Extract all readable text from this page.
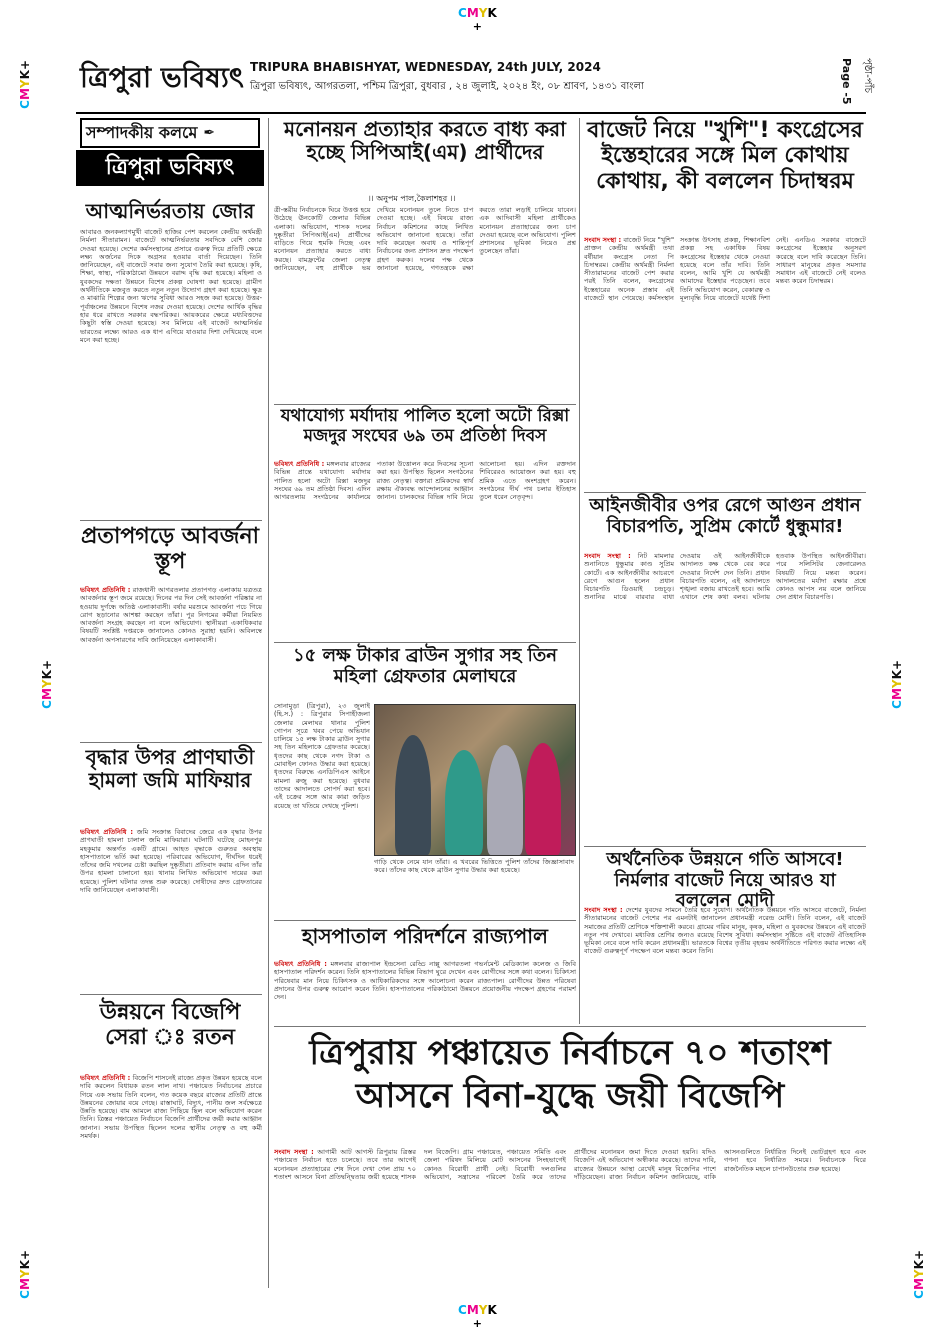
CMYK
+
CMYK
+
CMYK+
CMYK+
CMYK+
CMYK+
CMYK+
ত্রিপুরা ভবিষ্যৎ TRIPURA BHABISHYAT, WEDNESDAY, 24th JULY, 2024
ত্রিপুরা ভবিষ্যৎ, আগরতলা, পশ্চিম ত্রিপুরা, বুধবার , ২৪ জুলাই, ২০২৪ ইং, ০৮ শ্রাবণ, ১৪৩১ বাংলা	Page -5 পৃষ্ঠা-পাঁচ
সম্পাদকীয় কলমে ✒
ত্রিপুরা ভবিষ্যৎ
আত্মনির্ভরতায় জোর
আবারও জনকল্যাণমুখী বাজেট হাজির পেশ করলেন কেন্দ্রীয় অর্থমন্ত্রী নির্মলা সীতারামন। বাজেটে আত্মনির্ভরতার সবদিকে বেশি জোর দেওয়া হয়েছে। দেশের কর্মসংস্থানের প্রসারে গুরুত্ব দিয়ে প্রতিটি ক্ষেত্রে লক্ষ্য অর্জনের দিকে অগ্রসর হওয়ার বার্তা দিয়েছেন। তিনি জানিয়েছেন, এই বাজেটে সবার জন্য সুযোগ তৈরি করা হয়েছে। কৃষি, শিক্ষা, স্বাস্থ্য, পরিকাঠামো উন্নয়নে বরাদ্দ বৃদ্ধি করা হয়েছে। মহিলা ও যুবকদের দক্ষতা উন্নয়নে বিশেষ প্রকল্প ঘোষণা করা হয়েছে। গ্রামীণ অর্থনীতিকে মজবুত করতে নতুন নতুন উদ্যোগ গ্রহণ করা হয়েছে। ক্ষুদ্র ও মাঝারি শিল্পের জন্য ঋণের সুবিধা আরও সহজ করা হয়েছে। উত্তর-পূর্বাঞ্চলের উন্নয়নে বিশেষ নজর দেওয়া হয়েছে। দেশের আর্থিক বৃদ্ধির হার ধরে রাখতে সরকার বদ্ধপরিকর। আয়করের ক্ষেত্রে মধ্যবিত্তদের কিছুটা স্বস্তি দেওয়া হয়েছে। সব মিলিয়ে এই বাজেট আত্মনির্ভর ভারতের লক্ষ্যে আরও এক ধাপ এগিয়ে যাওয়ার দিশা দেখিয়েছে বলে মনে করা হচ্ছে।
মনোনয়ন প্রত্যাহার করতে বাধ্য করা হচ্ছে সিপিআই(এম) প্রার্থীদের
।। অনুপম পাল,কৈলাশহর ।।
ত্রী-স্তরীয় নির্বাচনকে ঘিরে উত্তপ্ত হয়ে উঠেছে ঊনকোটি জেলার বিভিন্ন এলাকা। অভিযোগ, শাসক দলের দুষ্কৃতীরা সিপিআই(এম) প্রার্থীদের বাড়িতে গিয়ে হুমকি দিচ্ছে এবং মনোনয়ন প্রত্যাহার করতে বাধ্য করছে। বামফ্রন্টের জেলা নেতৃত্ব জানিয়েছেন, বহু প্রার্থীকে ভয় দেখিয়ে মনোনয়ন তুলে নিতে চাপ দেওয়া হচ্ছে। এই বিষয়ে রাজ্য নির্বাচন কমিশনের কাছে লিখিত অভিযোগ জানানো হয়েছে। তাঁরা দাবি করেছেন অবাধ ও শান্তিপূর্ণ নির্বাচনের জন্য প্রশাসন দ্রুত পদক্ষেপ গ্রহণ করুক। দলের পক্ষ থেকে জানানো হয়েছে, গণতন্ত্রকে রক্ষা করতে তারা লড়াই চালিয়ে যাবেন। এক আদিবাসী মহিলা প্রার্থীকেও মনোনয়ন প্রত্যাহারের জন্য চাপ দেওয়া হয়েছে বলে অভিযোগ। পুলিশ প্রশাসনের ভূমিকা নিয়েও প্রশ্ন তুলেছেন তাঁরা।
বাজেট নিয়ে "খুশি"! কংগ্রেসের ইস্তেহারের সঙ্গে মিল কোথায় কোথায়, কী বললেন চিদাম্বরম
সংবাদ সংস্থা : বাজেট নিয়ে "খুশি" প্রাক্তন কেন্দ্রীয় অর্থমন্ত্রী তথা বর্ষীয়ান কংগ্রেস নেতা পি চিদাম্বরম। কেন্দ্রীয় অর্থমন্ত্রী নির্মলা সীতারামনের বাজেট পেশ করার পরই তিনি বলেন, কংগ্রেসের ইস্তেহারের অনেক প্রস্তাব এই বাজেটে স্থান পেয়েছে। কর্মসংস্থান সংক্রান্ত উৎসাহ প্রকল্প, শিক্ষানবিশ প্রকল্প সহ একাধিক বিষয় কংগ্রেসের ইস্তেহার থেকে নেওয়া হয়েছে বলে তাঁর দাবি। তিনি বলেন, আমি খুশি যে অর্থমন্ত্রী আমাদের ইস্তেহার পড়েছেন। তবে তিনি অভিযোগ করেন, বেকারত্ব ও মূল্যবৃদ্ধি নিয়ে বাজেটে যথেষ্ট দিশা নেই। এনডিএ সরকার বাজেটে কংগ্রেসের ইস্তেহার অনুসরণ করেছে বলে দাবি করেছেন তিনি। সাধারণ মানুষের প্রকৃত সমস্যার সমাধান এই বাজেটে নেই বলেও মন্তব্য করেন চিদাম্বরম।
যথাযোগ্য মর্যাদায় পালিত হলো অটো রিক্সা মজদুর সংঘের ৬৯ তম প্রতিষ্ঠা দিবস
ভবিষ্যৎ প্রতিনিধি : মঙ্গলবার রাজ্যের বিভিন্ন প্রান্তে যথাযোগ্য মর্যাদায় পালিত হলো অটো রিক্সা মজদুর সংঘের ৬৯ তম প্রতিষ্ঠা দিবস। এদিন আগরতলায় সংগঠনের কার্যালয়ে পতাকা উত্তোলন করে দিবসের সূচনা করা হয়। উপস্থিত ছিলেন সংগঠনের রাজ্য নেতৃত্ব। বক্তারা শ্রমিকদের স্বার্থ রক্ষায় ঐক্যবদ্ধ আন্দোলনের আহ্বান জানান। চালকদের বিভিন্ন দাবি নিয়ে আলোচনা হয়। এদিন রক্তদান শিবিরেরও আয়োজন করা হয়। বহু শ্রমিক এতে অংশগ্রহণ করেন। সংগঠনের দীর্ঘ পথ চলার ইতিহাস তুলে ধরেন নেতৃবৃন্দ।
প্রতাপগড়ে আবর্জনা স্তূপ
ভবিষ্যৎ প্রতিনিধি : রাজধানী আগরতলার প্রতাপগড় এলাকায় যত্রতত্র আবর্জনার স্তূপ জমে রয়েছে। দিনের পর দিন সেই আবর্জনা পরিষ্কার না হওয়ায় দুর্গন্ধে অতিষ্ঠ এলাকাবাসী। বর্ষার মরশুমে আবর্জনা পচে গিয়ে রোগ ছড়ানোর আশঙ্কা করছেন তাঁরা। পুর নিগমের কর্মীরা নিয়মিত আবর্জনা সংগ্রহ করছেন না বলে অভিযোগ। স্থানীয়রা একাধিকবার বিষয়টি সংশ্লিষ্ট দপ্তরকে জানালেও কোনও সুরাহা হয়নি। অবিলম্বে আবর্জনা অপসারণের দাবি জানিয়েছেন এলাকাবাসী।
আইনজীবীর ওপর রেগে আগুন প্রধান বিচারপতি, সুপ্রিম কোর্টে ধুন্ধুমার!
সংবাদ সংস্থা : নিট মামলার শুনানিতে ধুন্ধুমার কাণ্ড সুপ্রিম কোর্টে। এক আইনজীবীর আচরণে রেগে আগুন হলেন প্রধান বিচারপতি ডিওয়াই চন্দ্রচূড়। শুনানির মাঝে বারবার বাধা দেওয়ায় ওই আইনজীবীকে আদালত কক্ষ থেকে বের করে দেওয়ার নির্দেশ দেন তিনি। প্রধান বিচারপতি বলেন, এই আদালতে শৃঙ্খলা বজায় রাখতেই হবে। আমি এখানে শেষ কথা বলব। ঘটনায় হতবাক উপস্থিত আইনজীবীরা। পরে সলিসিটর জেনারেলও বিষয়টি নিয়ে মন্তব্য করেন। আদালতের মর্যাদা রক্ষার প্রশ্নে কোনও আপস নয় বলে জানিয়ে দেন প্রধান বিচারপতি।
১৫ লক্ষ টাকার ব্রাউন সুগার সহ তিন মহিলা গ্রেফতার মেলাঘরে
সোনামুড়া (ত্রিপুরা), ২৩ জুলাই (হি.স.) : ত্রিপুরার সিপাহীজলা জেলার মেলাঘর থানার পুলিশ গোপন সূত্রে খবর পেয়ে অভিযান চালিয়ে ১৫ লক্ষ টাকার ব্রাউন সুগার সহ তিন মহিলাকে গ্রেফতার করেছে। ধৃতদের কাছ থেকে নগদ টাকা ও মোবাইল ফোনও উদ্ধার করা হয়েছে। ধৃতদের বিরুদ্ধে এনডিপিএস আইনে মামলা রুজু করা হয়েছে। বুধবার তাদের আদালতে সোপর্দ করা হবে। এই চক্রের সঙ্গে আর কারা জড়িত রয়েছে তা খতিয়ে দেখছে পুলিশ।
গাড়ি থেকে নেমে যান তাঁরা। এ খবরের ভিত্তিতে পুলিশ তাঁদের জিজ্ঞাসাবাদ করে। তাঁদের কাছ থেকে ব্রাউন সুগার উদ্ধার করা হয়েছে।
বৃদ্ধার উপর প্রাণঘাতী হামলা জমি মাফিয়ার
ভবিষ্যৎ প্রতিনিধি : জমি সংক্রান্ত বিবাদের জেরে এক বৃদ্ধার উপর প্রাণঘাতী হামলা চালাল জমি মাফিয়ারা। ঘটনাটি ঘটেছে মোহনপুর মহকুমার অন্তর্গত একটি গ্রামে। আহত বৃদ্ধাকে গুরুতর অবস্থায় হাসপাতালে ভর্তি করা হয়েছে। পরিবারের অভিযোগ, দীর্ঘদিন ধরেই তাঁদের জমি দখলের চেষ্টা করছিল দুষ্কৃতীরা। প্রতিবাদ করায় এদিন তাঁর উপর হামলা চালানো হয়। থানায় লিখিত অভিযোগ দায়ের করা হয়েছে। পুলিশ ঘটনার তদন্ত শুরু করেছে। দোষীদের দ্রুত গ্রেফতারের দাবি জানিয়েছেন এলাকাবাসী।
অর্থনৈতিক উন্নয়নে গতি আসবে! নির্মলার বাজেট নিয়ে আরও যা বললেন মোদী
সংবাদ সংস্থা : দেশের যুবদের সামনে তৈরি হবে সুযোগ। অর্থনৈতিক উন্নয়নে গতি আসবে বাজেটে, নির্মলা সীতারামনের বাজেট পেশের পর এমনটাই জানালেন প্রধানমন্ত্রী নরেন্দ্র মোদী। তিনি বলেন, এই বাজেট সমাজের প্রতিটি শ্রেণিকে শক্তিশালী করবে। গ্রামের গরিব মানুষ, কৃষক, মহিলা ও যুবকদের উন্নয়নে এই বাজেট নতুন পথ দেখাবে। মধ্যবিত্ত শ্রেণির জন্যও রয়েছে বিশেষ সুবিধা। কর্মসংস্থান সৃষ্টিতে এই বাজেট ঐতিহাসিক ভূমিকা নেবে বলে দাবি করেন প্রধানমন্ত্রী। ভারতকে বিশ্বের তৃতীয় বৃহত্তম অর্থনীতিতে পরিণত করার লক্ষ্যে এই বাজেট গুরুত্বপূর্ণ পদক্ষেপ বলে মন্তব্য করেন তিনি।
হাসপাতাল পরিদর্শনে রাজ্যপাল
ভবিষ্যৎ প্রতিনিধি : মঙ্গলবার রাজ্যপাল ইন্দ্রসেনা রেড্ডি নাল্লু আগরতলা গভর্নমেন্ট মেডিক্যাল কলেজ ও জিবি হাসপাতাল পরিদর্শন করেন। তিনি হাসপাতালের বিভিন্ন বিভাগ ঘুরে দেখেন এবং রোগীদের সঙ্গে কথা বলেন। চিকিৎসা পরিষেবার মান নিয়ে চিকিৎসক ও আধিকারিকদের সঙ্গে আলোচনা করেন রাজ্যপাল। রোগীদের উন্নত পরিষেবা প্রদানের উপর গুরুত্ব আরোপ করেন তিনি। হাসপাতালের পরিকাঠামো উন্নয়নে প্রয়োজনীয় পদক্ষেপ গ্রহণের পরামর্শ দেন।
উন্নয়নে বিজেপি সেরা ঃ রতন
ভবিষ্যৎ প্রতিনিধি : বিজেপি শাসনেই রাজ্যে প্রকৃত উন্নয়ন হয়েছে বলে দাবি করলেন বিধায়ক রতন লাল নাথ। পঞ্চায়েত নির্বাচনের প্রচারে গিয়ে এক সভায় তিনি বলেন, গত কয়েক বছরে রাজ্যের প্রতিটি প্রান্তে উন্নয়নের জোয়ার বয়ে গেছে। রাস্তাঘাট, বিদ্যুৎ, পানীয় জল সর্বক্ষেত্রে উন্নতি হয়েছে। বাম আমলে রাজ্য পিছিয়ে ছিল বলে অভিযোগ করেন তিনি। ত্রিস্তর পঞ্চায়েত নির্বাচনে বিজেপি প্রার্থীদের জয়ী করার আহ্বান জানান। সভায় উপস্থিত ছিলেন দলের স্থানীয় নেতৃত্ব ও বহু কর্মী সমর্থক।
ত্রিপুরায় পঞ্চায়েত নির্বাচনে ৭০ শতাংশ আসনে বিনা-যুদ্ধে জয়ী বিজেপি
সংবাদ সংস্থা : আগামী আট আগস্ট ত্রিপুরায় ত্রিস্তর পঞ্চায়েত নির্বাচন হতে চলেছে। তবে তার আগেই মনোনয়ন প্রত্যাহারের শেষ দিনে দেখা গেল প্রায় ৭০ শতাংশ আসনে বিনা প্রতিদ্বন্দ্বিতায় জয়ী হয়েছে শাসক দল বিজেপি। গ্রাম পঞ্চায়েত, পঞ্চায়েত সমিতি এবং জেলা পরিষদ মিলিয়ে মোট আসনের সিংহভাগেই কোনও বিরোধী প্রার্থী নেই। বিরোধী দলগুলির অভিযোগ, সন্ত্রাসের পরিবেশ তৈরি করে তাদের প্রার্থীদের মনোনয়ন জমা দিতে দেওয়া হয়নি। যদিও বিজেপি এই অভিযোগ অস্বীকার করেছে। তাদের দাবি, রাজ্যের উন্নয়নে আস্থা রেখেই মানুষ বিজেপির পাশে দাঁড়িয়েছেন। রাজ্য নির্বাচন কমিশন জানিয়েছে, বাকি আসনগুলিতে নির্ধারিত দিনেই ভোটগ্রহণ হবে এবং গণনা হবে নির্ধারিত সময়ে। নির্বাচনকে ঘিরে রাজনৈতিক মহলে চাপানউতোর শুরু হয়েছে।
